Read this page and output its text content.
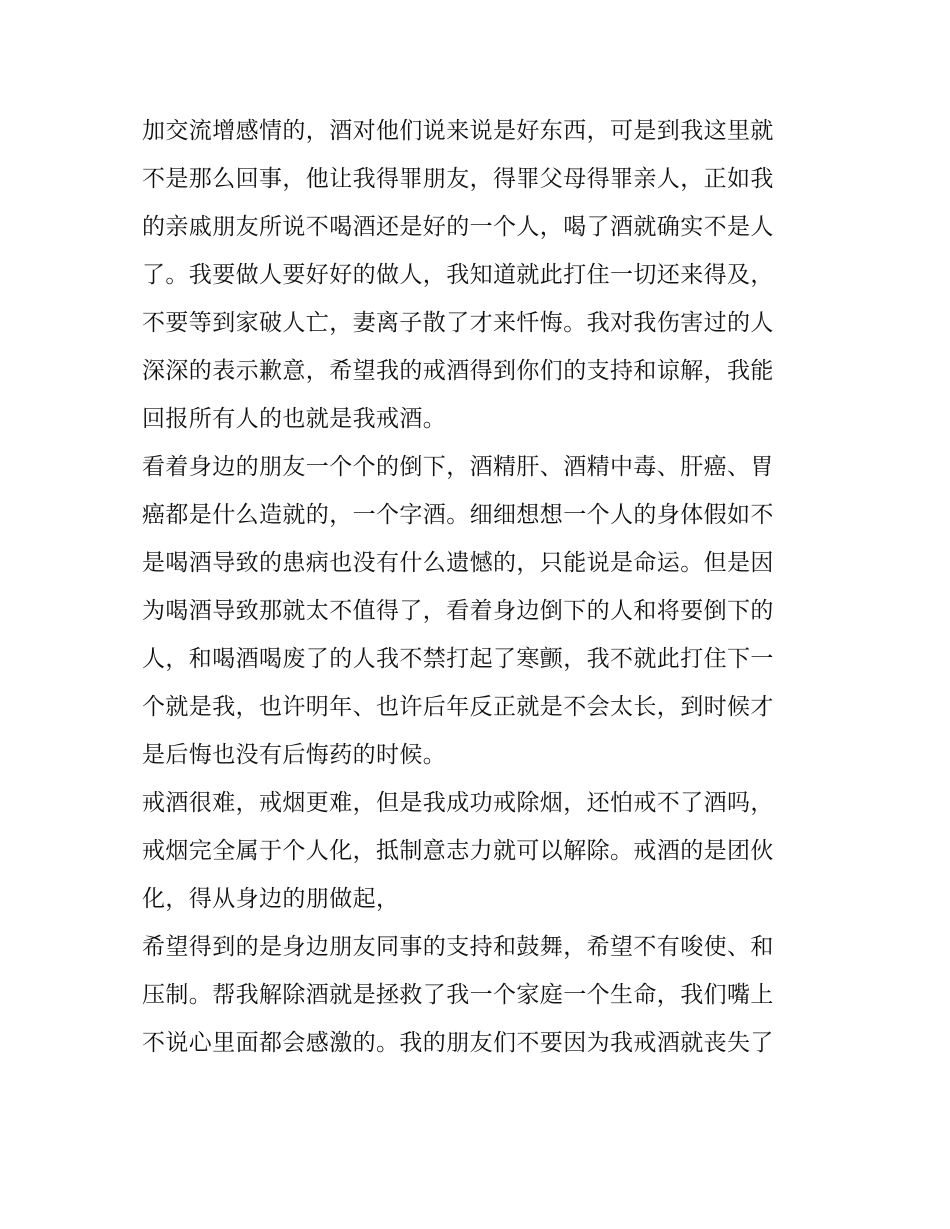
加交流增感情的，酒对他们说来说是好东西，可是到我这里就
不是那么回事，他让我得罪朋友，得罪父母得罪亲人，正如我
的亲戚朋友所说不喝酒还是好的一个人，喝了酒就确实不是人
了。我要做人要好好的做人，我知道就此打住一切还来得及，
不要等到家破人亡，妻离子散了才来忏悔。我对我伤害过的人
深深的表示歉意，希望我的戒酒得到你们的支持和谅解，我能
回报所有人的也就是我戒酒。
看着身边的朋友一个个的倒下，酒精肝、酒精中毒、肝癌、胃
癌都是什么造就的，一个字酒。细细想想一个人的身体假如不
是喝酒导致的患病也没有什么遗憾的，只能说是命运。但是因
为喝酒导致那就太不值得了，看着身边倒下的人和将要倒下的
人，和喝酒喝废了的人我不禁打起了寒颤，我不就此打住下一
个就是我，也许明年、也许后年反正就是不会太长，到时候才
是后悔也没有后悔药的时候。
戒酒很难，戒烟更难，但是我成功戒除烟，还怕戒不了酒吗，
戒烟完全属于个人化，抵制意志力就可以解除。戒酒的是团伙
化，得从身边的朋做起，
希望得到的是身边朋友同事的支持和鼓舞，希望不有唆使、和
压制。帮我解除酒就是拯救了我一个家庭一个生命，我们嘴上
不说心里面都会感激的。我的朋友们不要因为我戒酒就丧失了
